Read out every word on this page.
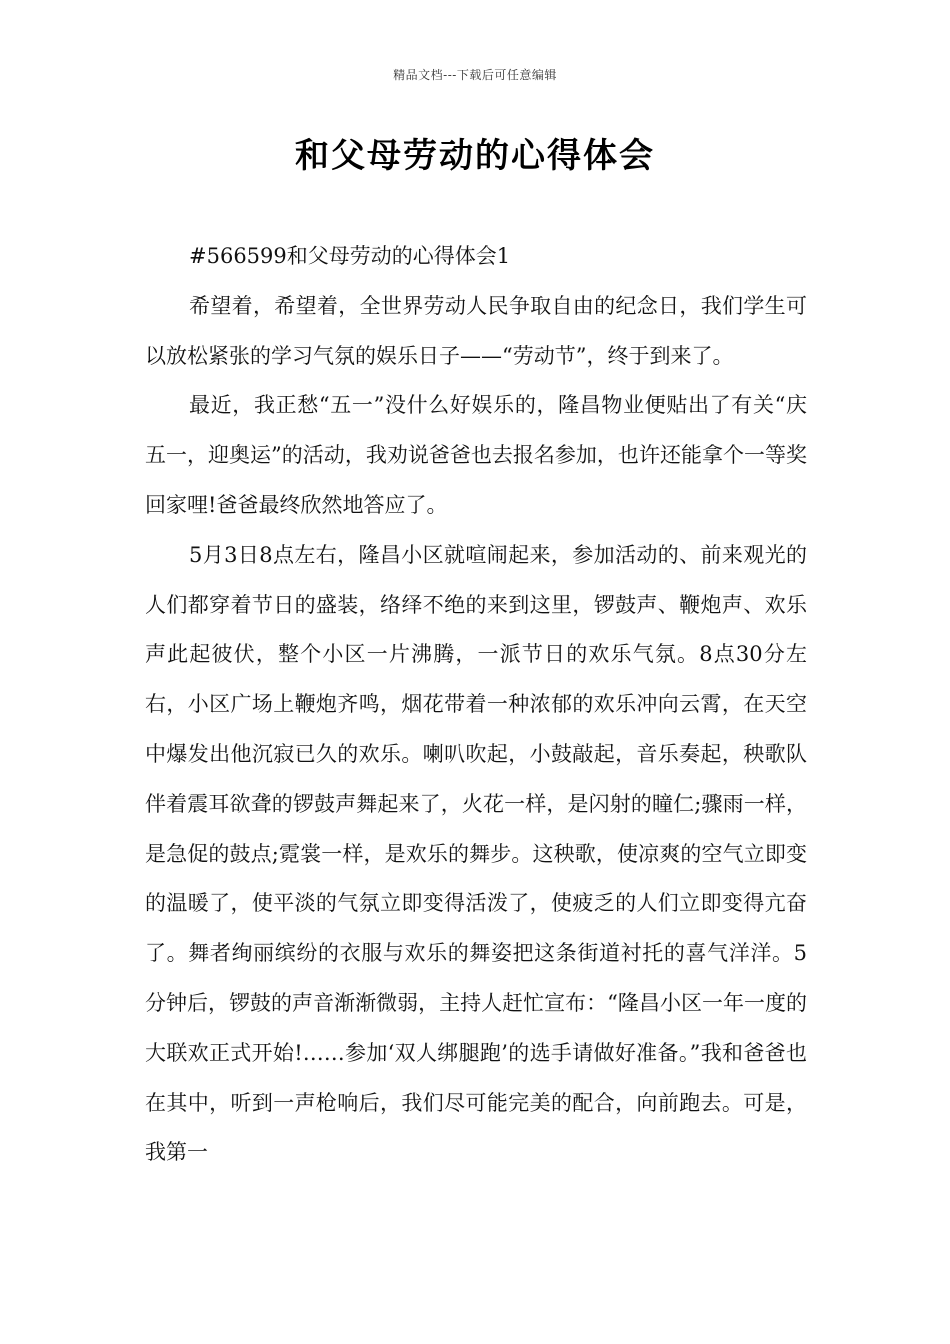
精品文档---下载后可任意编辑
和父母劳动的心得体会

#566599和父母劳动的心得体会1

希望着，希望着，全世界劳动人民争取自由的纪念日，我们学生可以放松紧张的学习气氛的娱乐日子——“劳动节”，终于到来了。

最近，我正愁“五一”没什么好娱乐的，隆昌物业便贴出了有关“庆五一，迎奥运”的活动，我劝说爸爸也去报名参加，也许还能拿个一等奖回家哩!爸爸最终欣然地答应了。

5月3日8点左右，隆昌小区就喧闹起来，参加活动的、前来观光的人们都穿着节日的盛装，络绎不绝的来到这里，锣鼓声、鞭炮声、欢乐声此起彼伏，整个小区一片沸腾，一派节日的欢乐气氛。8点30分左右，小区广场上鞭炮齐鸣，烟花带着一种浓郁的欢乐冲向云霄，在天空中爆发出他沉寂已久的欢乐。喇叭吹起，小鼓敲起，音乐奏起，秧歌队伴着震耳欲聋的锣鼓声舞起来了，火花一样，是闪射的瞳仁;骤雨一样，是急促的鼓点;霓裳一样，是欢乐的舞步。这秧歌，使凉爽的空气立即变的温暖了，使平淡的气氛立即变得活泼了，使疲乏的人们立即变得亢奋了。舞者绚丽缤纷的衣服与欢乐的舞姿把这条街道衬托的喜气洋洋。5分钟后，锣鼓的声音渐渐微弱，主持人赶忙宣布：“隆昌小区一年一度的大联欢正式开始!……参加‘双人绑腿跑’的选手请做好准备。”我和爸爸也在其中，听到一声枪响后，我们尽可能完美的配合，向前跑去。可是，我第一
